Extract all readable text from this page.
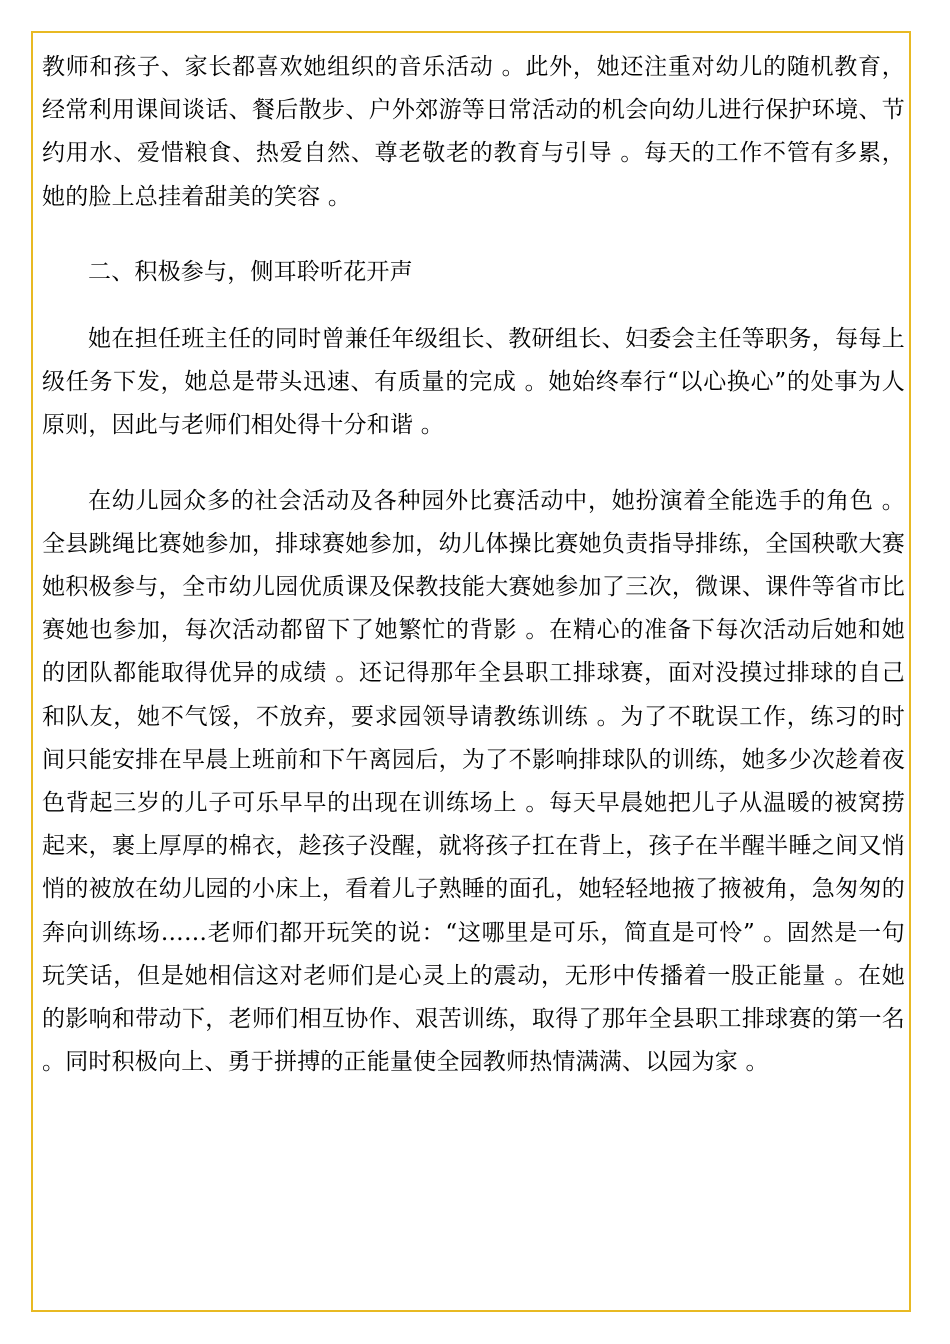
教师和孩子、家长都喜欢她组织的音乐活动 。此外，她还注重对幼儿的随机教育，经常利用课间谈话、餐后散步、户外郊游等日常活动的机会向幼儿进行保护环境、节约用水、爱惜粮食、热爱自然、尊老敬老的教育与引导 。每天的工作不管有多累，她的脸上总挂着甜美的笑容 。

二、积极参与，侧耳聆听花开声

她在担任班主任的同时曾兼任年级组长、教研组长、妇委会主任等职务，每每上级任务下发，她总是带头迅速、有质量的完成 。她始终奉行“以心换心”的处事为人原则，因此与老师们相处得十分和谐 。

在幼儿园众多的社会活动及各种园外比赛活动中，她扮演着全能选手的角色 。全县跳绳比赛她参加，排球赛她参加，幼儿体操比赛她负责指导排练，全国秧歌大赛她积极参与，全市幼儿园优质课及保教技能大赛她参加了三次，微课、课件等省市比赛她也参加，每次活动都留下了她繁忙的背影 。在精心的准备下每次活动后她和她的团队都能取得优异的成绩 。还记得那年全县职工排球赛，面对没摸过排球的自己和队友，她不气馁，不放弃，要求园领导请教练训练 。为了不耽误工作，练习的时间只能安排在早晨上班前和下午离园后，为了不影响排球队的训练，她多少次趁着夜色背起三岁的儿子可乐早早的出现在训练场上 。每天早晨她把儿子从温暖的被窝捞起来，裹上厚厚的棉衣，趁孩子没醒，就将孩子扛在背上，孩子在半醒半睡之间又悄悄的被放在幼儿园的小床上，看着儿子熟睡的面孔，她轻轻地掖了掖被角，急匆匆的奔向训练场……老师们都开玩笑的说：“这哪里是可乐，简直是可怜” 。固然是一句玩笑话，但是她相信这对老师们是心灵上的震动，无形中传播着一股正能量 。在她的影响和带动下，老师们相互协作、艰苦训练，取得了那年全县职工排球赛的第一名 。同时积极向上、勇于拼搏的正能量使全园教师热情满满、以园为家 。
